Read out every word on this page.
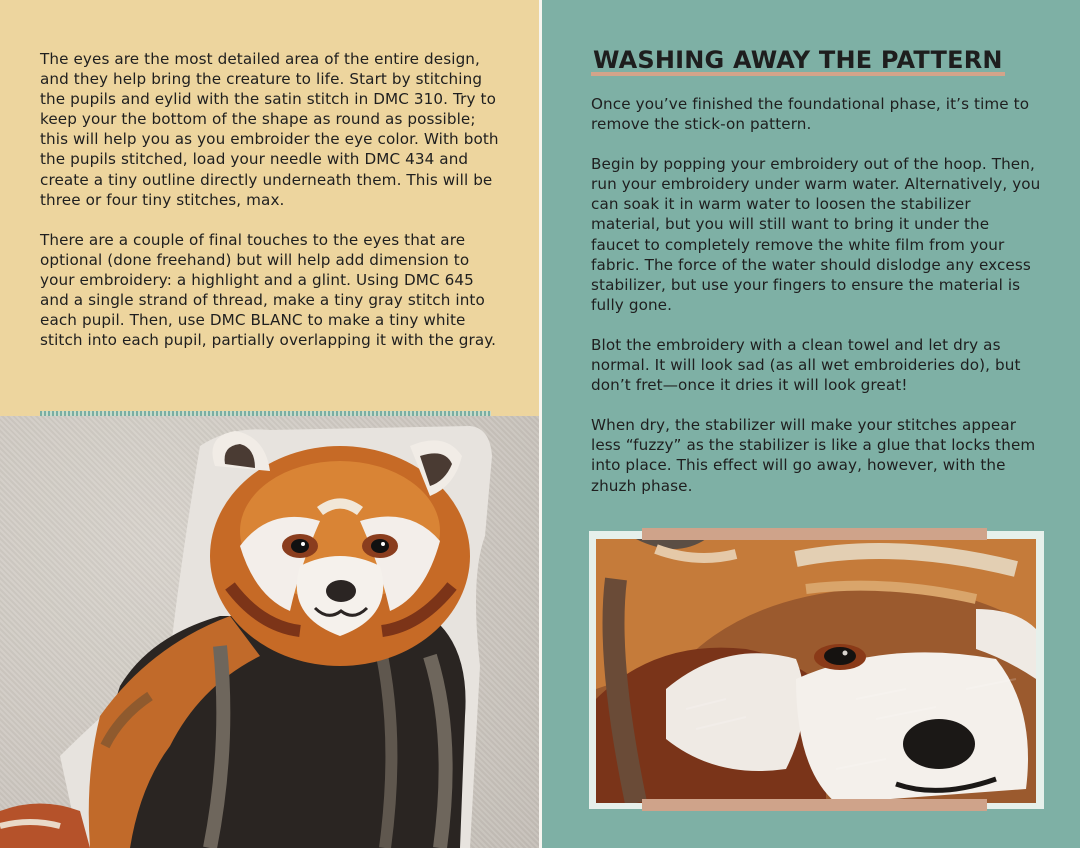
The eyes are the most detailed area of the entire design, and they help bring the creature to life. Start by stitching the pupils and eylid with the satin stitch in DMC 310. Try to keep your the bottom of the shape as round as possible; this will help you as you embroider the eye color. With both the pupils stitched, load your needle with DMC 434 and create a tiny outline directly underneath them. This will be three or four tiny stitches, max.

There are a couple of final touches to the eyes that are optional (done freehand) but will help add dimension to your embroidery: a highlight and a glint. Using DMC 645 and a single strand of thread, make a tiny gray stitch into each pupil. Then, use DMC BLANC to make a tiny white stitch into each pupil, partially overlapping it with the gray.

WASHING AWAY THE PATTERN

Once you’ve finished the foundational phase, it’s time to remove the stick-on pattern.

Begin by popping your embroidery out of the hoop. Then, run your embroidery under warm water. Alternatively, you can soak it in warm water to loosen the stabilizer material, but you will still want to bring it under the faucet to completely remove the white film from your fabric. The force of the water should dislodge any excess stabilizer, but use your fingers to ensure the material is fully gone.

Blot the embroidery with a clean towel and let dry as normal. It will look sad (as all wet embroideries do), but don’t fret—once it dries it will look great!

When dry, the stabilizer will make your stitches appear less “fuzzy” as the stabilizer is like a glue that locks them into place. This effect will go away, however, with the zhuzh phase.
